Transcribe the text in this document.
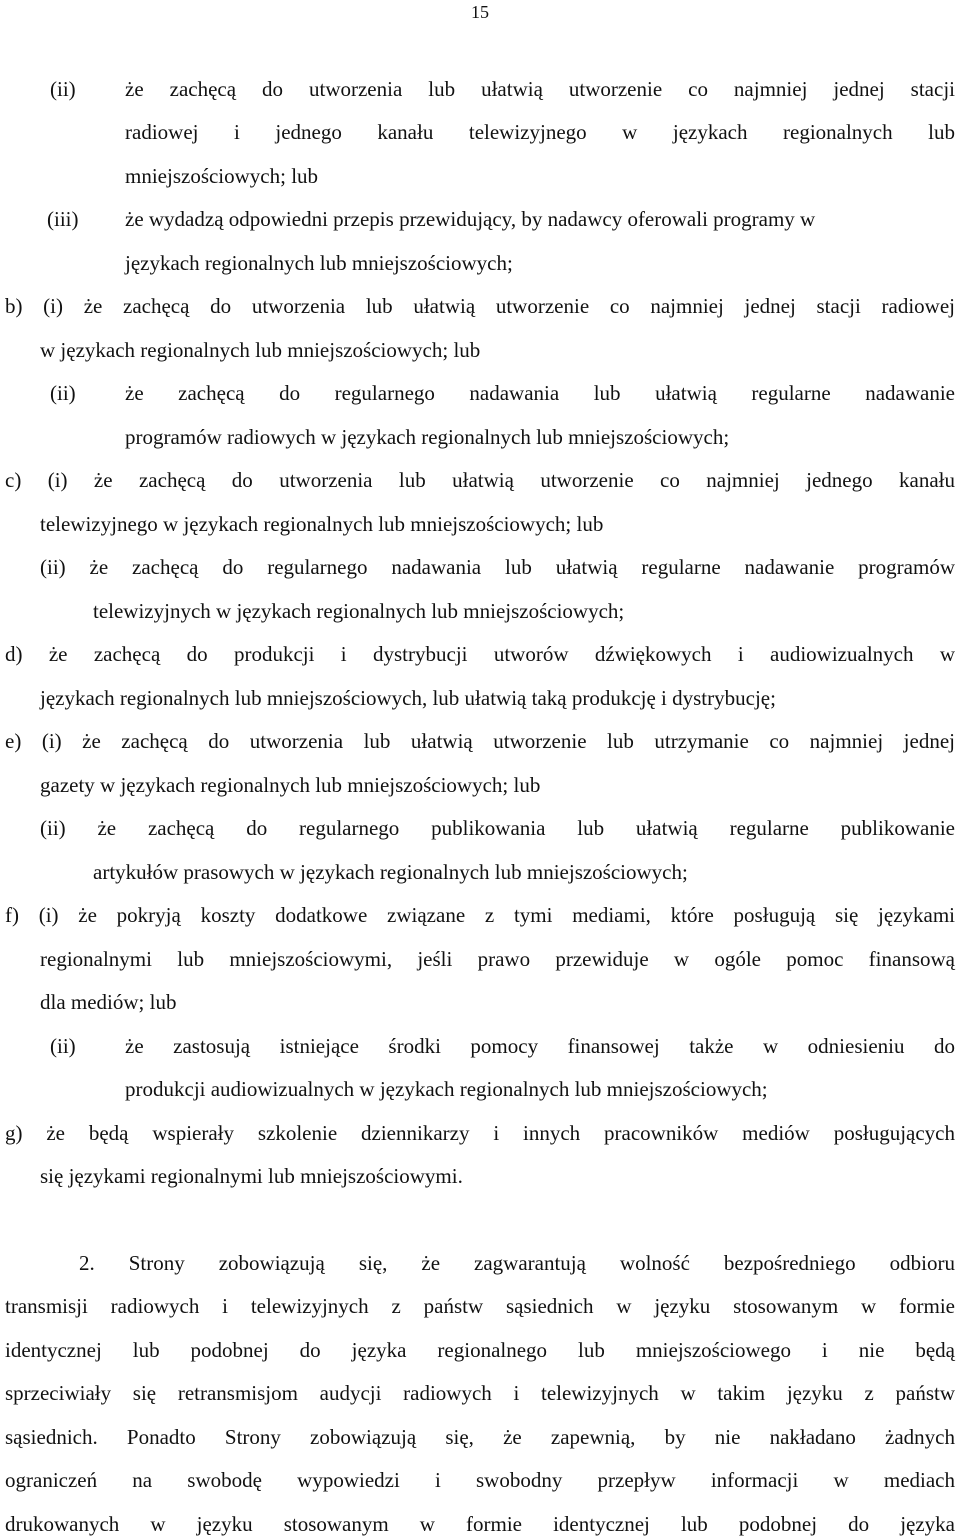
15
(ii) że zachęcą do utworzenia lub ułatwią utworzenie co najmniej jednej stacji
radiowej i jednego kanału telewizyjnego w językach regionalnych lub
mniejszościowych; lub
(iii) że wydadzą odpowiedni przepis przewidujący, by nadawcy oferowali programy w
językach regionalnych lub mniejszościowych;
b) (i) że zachęcą do utworzenia lub ułatwią utworzenie co najmniej jednej stacji radiowej
w językach regionalnych lub mniejszościowych; lub
(ii) że zachęcą do regularnego nadawania lub ułatwią regularne nadawanie
programów radiowych w językach regionalnych lub mniejszościowych;
c) (i) że zachęcą do utworzenia lub ułatwią utworzenie co najmniej jednego kanału
telewizyjnego w językach regionalnych lub mniejszościowych; lub
(ii) że zachęcą do regularnego nadawania lub ułatwią regularne nadawanie programów
telewizyjnych w językach regionalnych lub mniejszościowych;
d) że zachęcą do produkcji i dystrybucji utworów dźwiękowych i audiowizualnych w
językach regionalnych lub mniejszościowych, lub ułatwią taką produkcję i dystrybucję;
e) (i) że zachęcą do utworzenia lub ułatwią utworzenie lub utrzymanie co najmniej jednej
gazety w językach regionalnych lub mniejszościowych; lub
(ii) że zachęcą do regularnego publikowania lub ułatwią regularne publikowanie
artykułów prasowych w językach regionalnych lub mniejszościowych;
f) (i) że pokryją koszty dodatkowe związane z tymi mediami, które posługują się językami
regionalnymi lub mniejszościowymi, jeśli prawo przewiduje w ogóle pomoc finansową
dla mediów; lub
(ii) że zastosują istniejące środki pomocy finansowej także w odniesieniu do
produkcji audiowizualnych w językach regionalnych lub mniejszościowych;
g) że będą wspierały szkolenie dziennikarzy i innych pracowników mediów posługujących
się językami regionalnymi lub mniejszościowymi.
2. Strony zobowiązują się, że zagwarantują wolność bezpośredniego odbioru
transmisji radiowych i telewizyjnych z państw sąsiednich w języku stosowanym w formie
identycznej lub podobnej do języka regionalnego lub mniejszościowego i nie będą
sprzeciwiały się retransmisjom audycji radiowych i telewizyjnych w takim języku z państw
sąsiednich. Ponadto Strony zobowiązują się, że zapewnią, by nie nakładano żadnych
ograniczeń na swobodę wypowiedzi i swobodny przepływ informacji w mediach
drukowanych w języku stosowanym w formie identycznej lub podobnej do języka
